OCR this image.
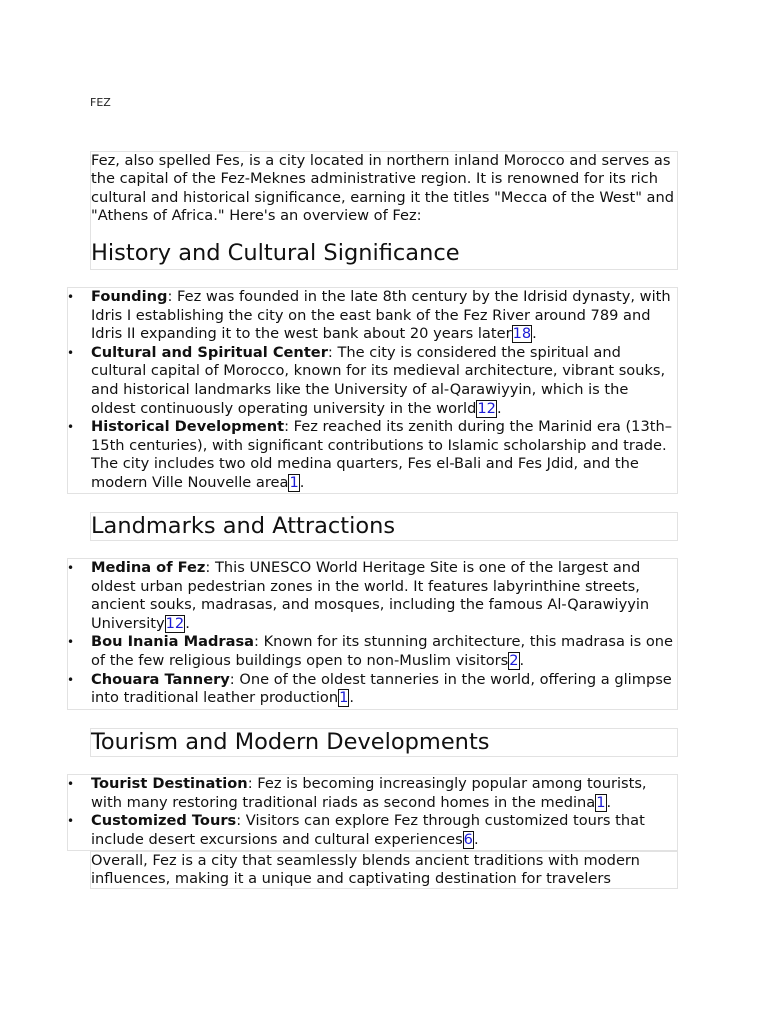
FEZ

Fez, also spelled Fes, is a city located in northern inland Morocco and serves as the capital of the Fez-Meknes administrative region. It is renowned for its rich cultural and historical significance, earning it the titles "Mecca of the West" and "Athens of Africa." Here's an overview of Fez:

History and Cultural Significance
• Founding: Fez was founded in the late 8th century by the Idrisid dynasty, with Idris I establishing the city on the east bank of the Fez River around 789 and Idris II expanding it to the west bank about 20 years later18.
• Cultural and Spiritual Center: The city is considered the spiritual and cultural capital of Morocco, known for its medieval architecture, vibrant souks, and historical landmarks like the University of al-Qarawiyyin, which is the oldest continuously operating university in the world12.
• Historical Development: Fez reached its zenith during the Marinid era (13th–15th centuries), with significant contributions to Islamic scholarship and trade. The city includes two old medina quarters, Fes el-Bali and Fes Jdid, and the modern Ville Nouvelle area1.
Landmarks and Attractions
• Medina of Fez: This UNESCO World Heritage Site is one of the largest and oldest urban pedestrian zones in the world. It features labyrinthine streets, ancient souks, madrasas, and mosques, including the famous Al-Qarawiyyin University12.
• Bou Inania Madrasa: Known for its stunning architecture, this madrasa is one of the few religious buildings open to non-Muslim visitors2.
• Chouara Tannery: One of the oldest tanneries in the world, offering a glimpse into traditional leather production1.
Tourism and Modern Developments
• Tourist Destination: Fez is becoming increasingly popular among tourists, with many restoring traditional riads as second homes in the medina1.
• Customized Tours: Visitors can explore Fez through customized tours that include desert excursions and cultural experiences6.

Overall, Fez is a city that seamlessly blends ancient traditions with modern influences, making it a unique and captivating destination for travelers
